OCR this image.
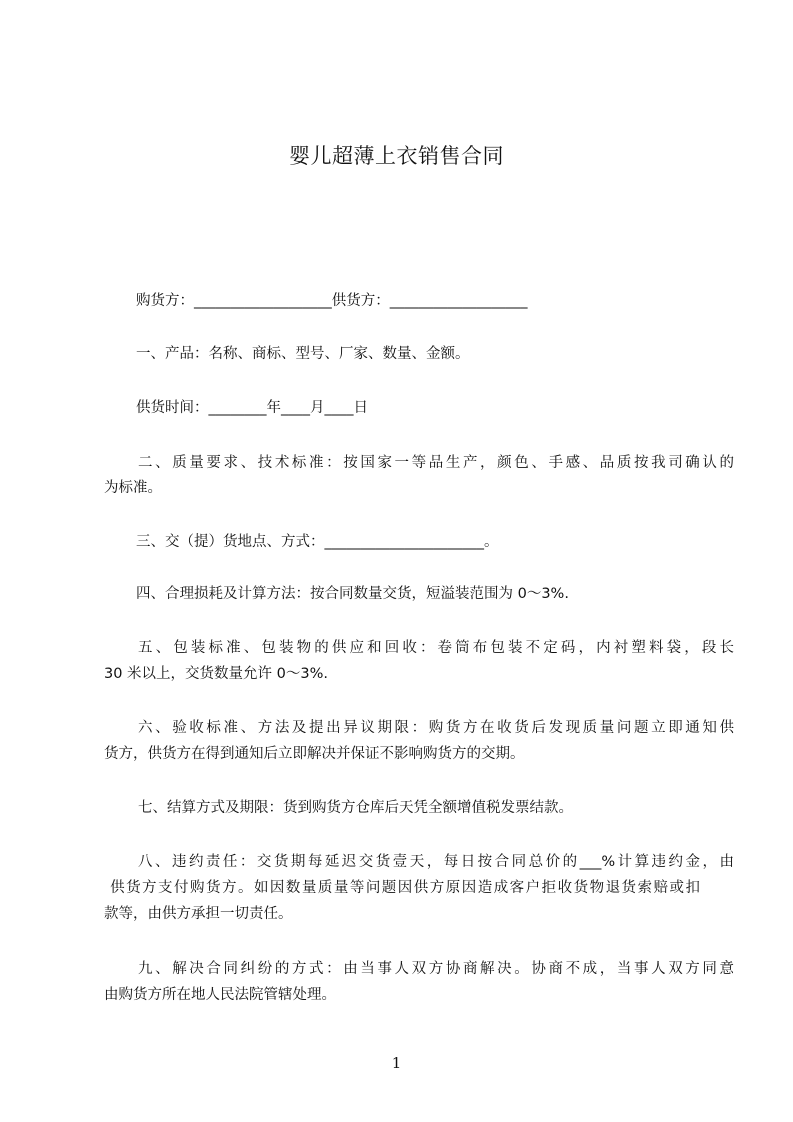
婴儿超薄上衣销售合同
购货方：___________________供货方：___________________
一、产品：名称、商标、型号、厂家、数量、金额。
供货时间：________年____月____日
二、质量要求、技术标准：按国家一等品生产，颜色、手感、品质按我司确认的
为标准。
三、交（提）货地点、方式：______________________。
四、合理损耗及计算方法：按合同数量交货，短溢装范围为 0～3%.
五、包装标准、包装物的供应和回收：卷筒布包装不定码，内衬塑料袋，段长
30 米以上，交货数量允许 0～3%.
六、验收标准、方法及提出异议期限：购货方在收货后发现质量问题立即通知供
货方，供货方在得到通知后立即解决并保证不影响购货方的交期。
七、结算方式及期限：货到购货方仓库后天凭全额增值税发票结款。
八、违约责任：交货期每延迟交货壹天，每日按合同总价的___%计算违约金，由
供货方支付购货方。如因数量质量等问题因供方原因造成客户拒收货物退货索赔或扣
款等，由供方承担一切责任。
九、解决合同纠纷的方式：由当事人双方协商解决。协商不成，当事人双方同意
由购货方所在地人民法院管辖处理。
1
